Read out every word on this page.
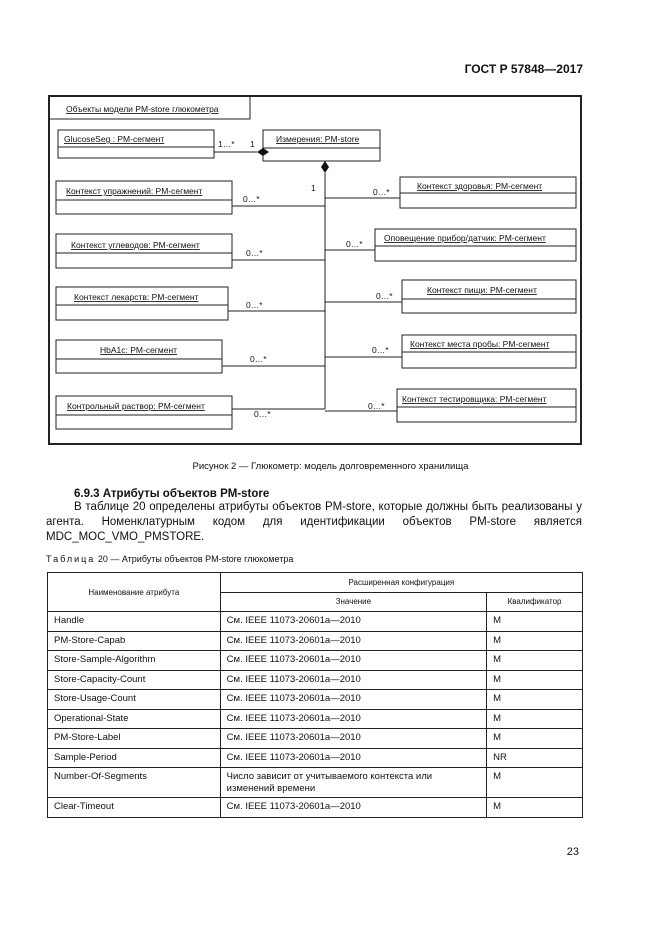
ГОСТ Р 57848—2017
Объекты модели PM-store глюкометра
Измерения: PM-store
GlucoseSeg : PM-сегмент
Контекст упражнений: PM-сегмент
Контекст углеводов: PM-сегмент
Контекст лекарств: PM-сегмент
HbA1c: PM-сегмент
Контрольный раствор: PM-сегмент
Контекст здоровья: PM-сегмент
Оповещение прибор/датчик: PM-сегмент
Контекст пищи: PM-сегмент
Контекст места пробы: PM-сегмент
Контекст тестировщика: PM-сегмент
1…* 1
1
0…*
0…*
0…*
0…*
0…*
0…*
0…*
0…*
0…*
0…*
Рисунок 2 — Глюкометр: модель долговременного хранилища
6.9.3 Атрибуты объектов PM-store
В таблице 20 определены атрибуты объектов PM-store, которые должны быть реализованы у агента. Номенклатурным кодом для идентификации объектов PM-store является MDC_MOC_VMO_PMSTORE.
Таблица 20 — Атрибуты объектов PM-store глюкометра
Наименование атрибута	Расширенная конфигурация	
	Значение	Квалификатор
Handle	См. IEEE 11073-20601a—2010	M
PM-Store-Capab	См. IEEE 11073-20601a—2010	M
Store-Sample-Algorithm	См. IEEE 11073-20601a—2010	M
Store-Capacity-Count	См. IEEE 11073-20601a—2010	M
Store-Usage-Count	См. IEEE 11073-20601a—2010	M
Operational-State	См. IEEE 11073-20601a—2010	M
PM-Store-Label	См. IEEE 11073-20601a—2010	M
Sample-Period	См. IEEE 11073-20601a—2010	NR
Number-Of-Segments	Число зависит от учитываемого контекста или изменений времени	M
Clear-Timeout	См. IEEE 11073-20601a—2010	M
23
